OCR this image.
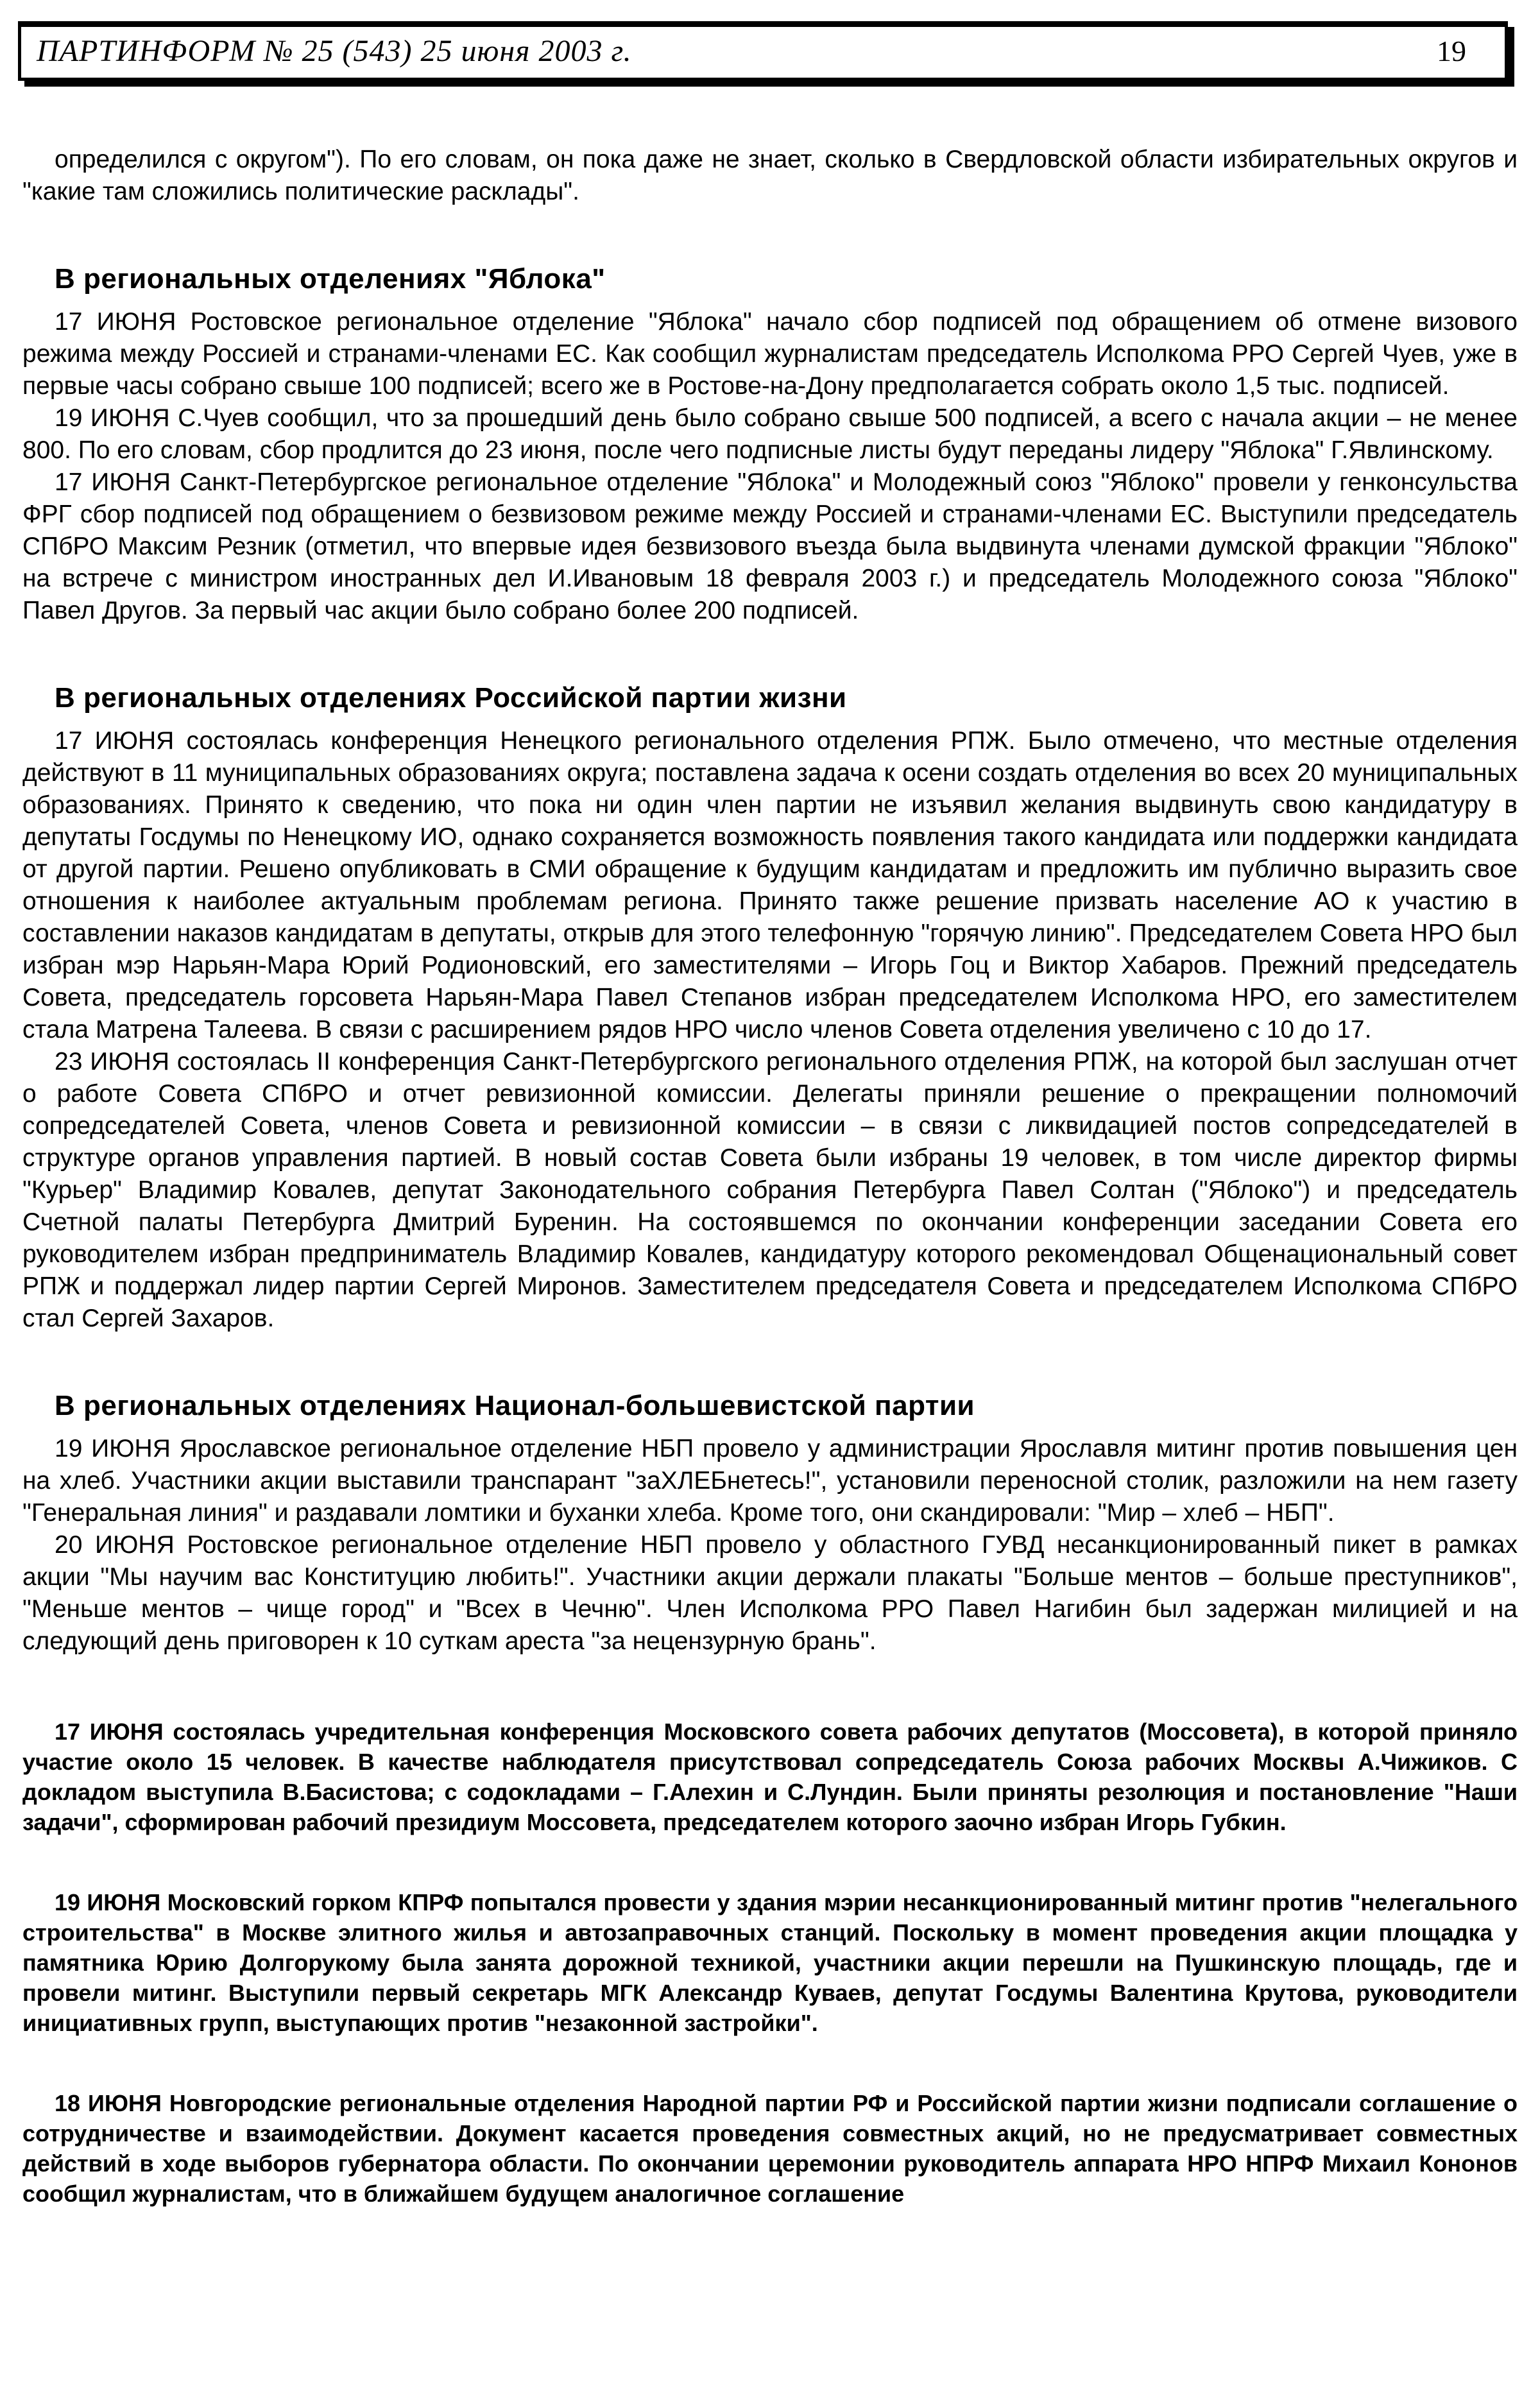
ПАРТИНФОРМ № 25 (543) 25 июня 2003 г.	19

определился с округом"). По его словам, он пока даже не знает, сколько в Свердловской области избирательных округов и "какие там сложились политические расклады".

В региональных отделениях "Яблока"

17 ИЮНЯ Ростовское региональное отделение "Яблока" начало сбор подписей под обращением об отмене визового режима между Россией и странами-членами ЕС. Как сообщил журналистам председатель Исполкома РРО Сергей Чуев, уже в первые часы собрано свыше 100 подписей; всего же в Ростове-на-Дону предполагается собрать около 1,5 тыс. подписей.

19 ИЮНЯ С.Чуев сообщил, что за прошедший день было собрано свыше 500 подписей, а всего с начала акции – не менее 800. По его словам, сбор продлится до 23 июня, после чего подписные листы будут переданы лидеру "Яблока" Г.Явлинскому.

17 ИЮНЯ Санкт-Петербургское региональное отделение "Яблока" и Молодежный союз "Яблоко" провели у генконсульства ФРГ сбор подписей под обращением о безвизовом режиме между Россией и странами-членами ЕС. Выступили председатель СПбРО Максим Резник (отметил, что впервые идея безвизового въезда была выдвинута членами думской фракции "Яблоко" на встрече с министром иностранных дел И.Ивановым 18 февраля 2003 г.) и председатель Молодежного союза "Яблоко" Павел Другов. За первый час акции было собрано более 200 подписей.

В региональных отделениях Российской партии жизни

17 ИЮНЯ состоялась конференция Ненецкого регионального отделения РПЖ. Было отмечено, что местные отделения действуют в 11 муниципальных образованиях округа; поставлена задача к осени создать отделения во всех 20 муниципальных образованиях. Принято к сведению, что пока ни один член партии не изъявил желания выдвинуть свою кандидатуру в депутаты Госдумы по Ненецкому ИО, однако сохраняется возможность появления такого кандидата или поддержки кандидата от другой партии. Решено опубликовать в СМИ обращение к будущим кандидатам и предложить им публично выразить свое отношения к наиболее актуальным проблемам региона. Принято также решение призвать население АО к участию в составлении наказов кандидатам в депутаты, открыв для этого телефонную "горячую линию". Председателем Совета НРО был избран мэр Нарьян-Мара Юрий Родионовский, его заместителями – Игорь Гоц и Виктор Хабаров. Прежний председатель Совета, председатель горсовета Нарьян-Мара Павел Степанов избран председателем Исполкома НРО, его заместителем стала Матрена Талеева. В связи с расширением рядов НРО число членов Совета отделения увеличено с 10 до 17.

23 ИЮНЯ состоялась II конференция Санкт-Петербургского регионального отделения РПЖ, на которой был заслушан отчет о работе Совета СПбРО и отчет ревизионной комиссии. Делегаты приняли решение о прекращении полномочий сопредседателей Совета, членов Совета и ревизионной комиссии – в связи с ликвидацией постов сопредседателей в структуре органов управления партией. В новый состав Совета были избраны 19 человек, в том числе директор фирмы "Курьер" Владимир Ковалев, депутат Законодательного собрания Петербурга Павел Солтан ("Яблоко") и председатель Счетной палаты Петербурга Дмитрий Буренин. На состоявшемся по окончании конференции заседании Совета его руководителем избран предприниматель Владимир Ковалев, кандидатуру которого рекомендовал Общенациональный совет РПЖ и поддержал лидер партии Сергей Миронов. Заместителем председателя Совета и председателем Исполкома СПбРО стал Сергей Захаров.

В региональных отделениях Национал-большевистской партии

19 ИЮНЯ Ярославское региональное отделение НБП провело у администрации Ярославля митинг против повышения цен на хлеб. Участники акции выставили транспарант "заХЛЕБнетесь!", установили переносной столик, разложили на нем газету "Генеральная линия" и раздавали ломтики и буханки хлеба. Кроме того, они скандировали: "Мир – хлеб – НБП".

20 ИЮНЯ Ростовское региональное отделение НБП провело у областного ГУВД несанкционированный пикет в рамках акции "Мы научим вас Конституцию любить!". Участники акции держали плакаты "Больше ментов – больше преступников", "Меньше ментов – чище город" и "Всех в Чечню". Член Исполкома РРО Павел Нагибин был задержан милицией и на следующий день приговорен к 10 суткам ареста "за нецензурную брань".

17 ИЮНЯ состоялась учредительная конференция Московского совета рабочих депутатов (Моссовета), в которой приняло участие около 15 человек. В качестве наблюдателя присутствовал сопредседатель Союза рабочих Москвы А.Чижиков. С докладом выступила В.Басистова; с содокладами – Г.Алехин и С.Лундин. Были приняты резолюция и постановление "Наши задачи", сформирован рабочий президиум Моссовета, председателем которого заочно избран Игорь Губкин.

19 ИЮНЯ Московский горком КПРФ попытался провести у здания мэрии несанкционированный митинг против "нелегального строительства" в Москве элитного жилья и автозаправочных станций. Поскольку в момент проведения акции площадка у памятника Юрию Долгорукому была занята дорожной техникой, участники акции перешли на Пушкинскую площадь, где и провели митинг. Выступили первый секретарь МГК Александр Куваев, депутат Госдумы Валентина Крутова, руководители инициативных групп, выступающих против "незаконной застройки".

18 ИЮНЯ Новгородские региональные отделения Народной партии РФ и Российской партии жизни подписали соглашение о сотрудничестве и взаимодействии. Документ касается проведения совместных акций, но не предусматривает совместных действий в ходе выборов губернатора области. По окончании церемонии руководитель аппарата НРО НПРФ Михаил Кононов сообщил журналистам, что в ближайшем будущем аналогичное соглашение
